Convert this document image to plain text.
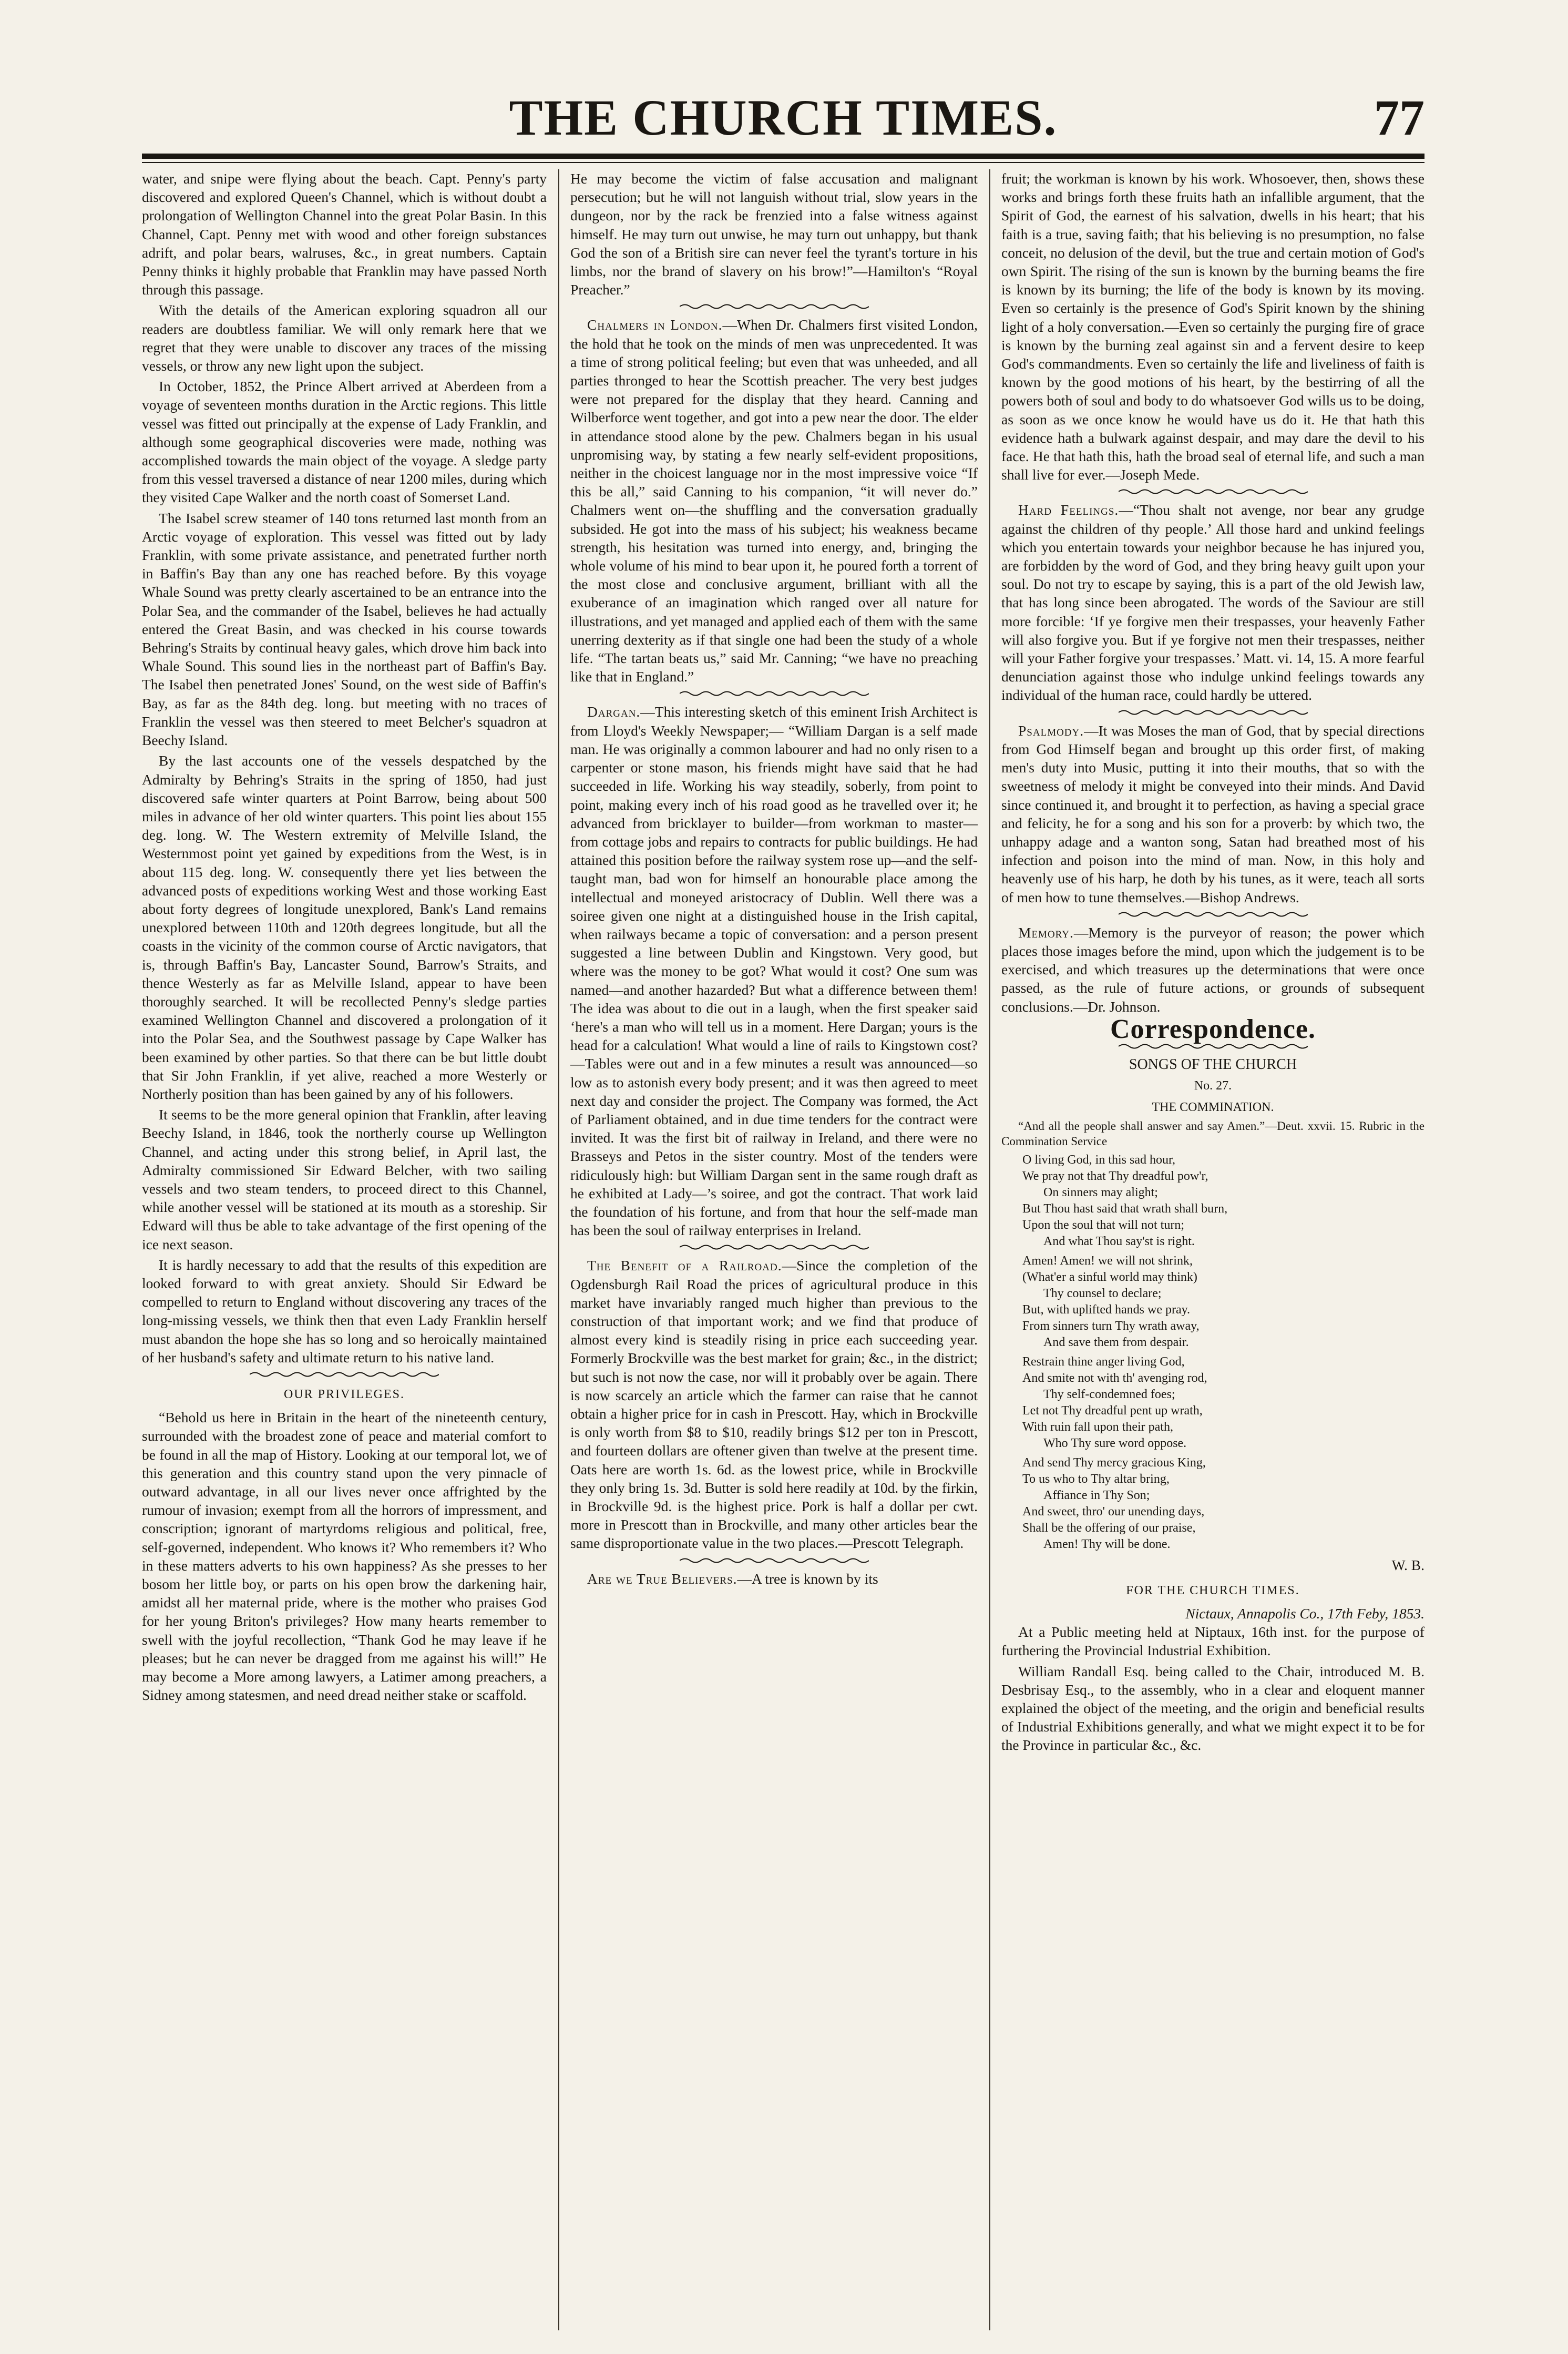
THE CHURCH TIMES.	77

water, and snipe were flying about the beach. Capt. Penny's party discovered and explored Queen's Channel, which is without doubt a prolongation of Wellington Channel into the great Polar Basin. In this Channel, Capt. Penny met with wood and other foreign substances adrift, and polar bears, walruses, &c., in great numbers. Captain Penny thinks it highly probable that Franklin may have passed North through this passage.

With the details of the American exploring squadron all our readers are doubtless familiar. We will only remark here that we regret that they were unable to discover any traces of the missing vessels, or throw any new light upon the subject.

In October, 1852, the Prince Albert arrived at Aberdeen from a voyage of seventeen months duration in the Arctic regions. This little vessel was fitted out principally at the expense of Lady Franklin, and although some geographical discoveries were made, nothing was accomplished towards the main object of the voyage. A sledge party from this vessel traversed a distance of near 1200 miles, during which they visited Cape Walker and the north coast of Somerset Land.

The Isabel screw steamer of 140 tons returned last month from an Arctic voyage of exploration. This vessel was fitted out by lady Franklin, with some private assistance, and penetrated further north in Baffin's Bay than any one has reached before. By this voyage Whale Sound was pretty clearly ascertained to be an entrance into the Polar Sea, and the commander of the Isabel, believes he had actually entered the Great Basin, and was checked in his course towards Behring's Straits by continual heavy gales, which drove him back into Whale Sound. This sound lies in the northeast part of Baffin's Bay. The Isabel then penetrated Jones' Sound, on the west side of Baffin's Bay, as far as the 84th deg. long. but meeting with no traces of Franklin the vessel was then steered to meet Belcher's squadron at Beechy Island.

By the last accounts one of the vessels despatched by the Admiralty by Behring's Straits in the spring of 1850, had just discovered safe winter quarters at Point Barrow, being about 500 miles in advance of her old winter quarters. This point lies about 155 deg. long. W. The Western extremity of Melville Island, the Westernmost point yet gained by expeditions from the West, is in about 115 deg. long. W. consequently there yet lies between the advanced posts of expeditions working West and those working East about forty degrees of longitude unexplored, Bank's Land remains unexplored between 110th and 120th degrees longitude, but all the coasts in the vicinity of the common course of Arctic navigators, that is, through Baffin's Bay, Lancaster Sound, Barrow's Straits, and thence Westerly as far as Melville Island, appear to have been thoroughly searched. It will be recollected Penny's sledge parties examined Wellington Channel and discovered a prolongation of it into the Polar Sea, and the Southwest passage by Cape Walker has been examined by other parties. So that there can be but little doubt that Sir John Franklin, if yet alive, reached a more Westerly or Northerly position than has been gained by any of his followers.

It seems to be the more general opinion that Franklin, after leaving Beechy Island, in 1846, took the northerly course up Wellington Channel, and acting under this strong belief, in April last, the Admiralty commissioned Sir Edward Belcher, with two sailing vessels and two steam tenders, to proceed direct to this Channel, while another vessel will be stationed at its mouth as a storeship. Sir Edward will thus be able to take advantage of the first opening of the ice next season.

It is hardly necessary to add that the results of this expedition are looked forward to with great anxiety. Should Sir Edward be compelled to return to England without discovering any traces of the long-missing vessels, we think then that even Lady Franklin herself must abandon the hope she has so long and so heroically maintained of her husband's safety and ultimate return to his native land.

OUR PRIVILEGES.

“Behold us here in Britain in the heart of the nineteenth century, surrounded with the broadest zone of peace and material comfort to be found in all the map of History. Looking at our temporal lot, we of this generation and this country stand upon the very pinnacle of outward advantage, in all our lives never once affrighted by the rumour of invasion; exempt from all the horrors of impressment, and conscription; ignorant of martyrdoms religious and political, free, self-governed, independent. Who knows it? Who remembers it? Who in these matters adverts to his own happiness? As she presses to her bosom her little boy, or parts on his open brow the darkening hair, amidst all her maternal pride, where is the mother who praises God for her young Briton's privileges? How many hearts remember to swell with the joyful recollection, “Thank God he may leave if he pleases; but he can never be dragged from me against his will!” He may become a More among lawyers, a Latimer among preachers, a Sidney among statesmen, and need dread neither stake or scaffold.

He may become the victim of false accusation and malignant persecution; but he will not languish without trial, slow years in the dungeon, nor by the rack be frenzied into a false witness against himself. He may turn out unwise, he may turn out unhappy, but thank God the son of a British sire can never feel the tyrant's torture in his limbs, nor the brand of slavery on his brow!”—Hamilton's “Royal Preacher.”

Chalmers in London.—When Dr. Chalmers first visited London, the hold that he took on the minds of men was unprecedented. It was a time of strong political feeling; but even that was unheeded, and all parties thronged to hear the Scottish preacher. The very best judges were not prepared for the display that they heard. Canning and Wilberforce went together, and got into a pew near the door. The elder in attendance stood alone by the pew. Chalmers began in his usual unpromising way, by stating a few nearly self-evident propositions, neither in the choicest language nor in the most impressive voice “If this be all,” said Canning to his companion, “it will never do.” Chalmers went on—the shuffling and the conversation gradually subsided. He got into the mass of his subject; his weakness became strength, his hesitation was turned into energy, and, bringing the whole volume of his mind to bear upon it, he poured forth a torrent of the most close and conclusive argument, brilliant with all the exuberance of an imagination which ranged over all nature for illustrations, and yet managed and applied each of them with the same unerring dexterity as if that single one had been the study of a whole life. “The tartan beats us,” said Mr. Canning; “we have no preaching like that in England.”

Dargan.—This interesting sketch of this eminent Irish Architect is from Lloyd's Weekly Newspaper;— “William Dargan is a self made man. He was originally a common labourer and had no only risen to a carpenter or stone mason, his friends might have said that he had succeeded in life. Working his way steadily, soberly, from point to point, making every inch of his road good as he travelled over it; he advanced from bricklayer to builder—from workman to master—from cottage jobs and repairs to contracts for public buildings. He had attained this position before the railway system rose up—and the self-taught man, bad won for himself an honourable place among the intellectual and moneyed aristocracy of Dublin. Well there was a soiree given one night at a distinguished house in the Irish capital, when railways became a topic of conversation: and a person present suggested a line between Dublin and Kingstown. Very good, but where was the money to be got? What would it cost? One sum was named—and another hazarded? But what a difference between them! The idea was about to die out in a laugh, when the first speaker said ‘here's a man who will tell us in a moment. Here Dargan; yours is the head for a calculation! What would a line of rails to Kingstown cost?—Tables were out and in a few minutes a result was announced—so low as to astonish every body present; and it was then agreed to meet next day and consider the project. The Company was formed, the Act of Parliament obtained, and in due time tenders for the contract were invited. It was the first bit of railway in Ireland, and there were no Brasseys and Petos in the sister country. Most of the tenders were ridiculously high: but William Dargan sent in the same rough draft as he exhibited at Lady—’s soiree, and got the contract. That work laid the foundation of his fortune, and from that hour the self-made man has been the soul of railway enterprises in Ireland.

The Benefit of a Railroad.—Since the completion of the Ogdensburgh Rail Road the prices of agricultural produce in this market have invariably ranged much higher than previous to the construction of that important work; and we find that produce of almost every kind is steadily rising in price each succeeding year. Formerly Brockville was the best market for grain; &c., in the district; but such is not now the case, nor will it probably over be again. There is now scarcely an article which the farmer can raise that he cannot obtain a higher price for in cash in Prescott. Hay, which in Brockville is only worth from $8 to $10, readily brings $12 per ton in Prescott, and fourteen dollars are oftener given than twelve at the present time. Oats here are worth 1s. 6d. as the lowest price, while in Brockville they only bring 1s. 3d. Butter is sold here readily at 10d. by the firkin, in Brockville 9d. is the highest price. Pork is half a dollar per cwt. more in Prescott than in Brockville, and many other articles bear the same disproportionate value in the two places.—Prescott Telegraph.

Are we True Believers.—A tree is known by its

fruit; the workman is known by his work. Whosoever, then, shows these works and brings forth these fruits hath an infallible argument, that the Spirit of God, the earnest of his salvation, dwells in his heart; that his faith is a true, saving faith; that his believing is no presumption, no false conceit, no delusion of the devil, but the true and certain motion of God's own Spirit. The rising of the sun is known by the burning beams the fire is known by its burning; the life of the body is known by its moving. Even so certainly is the presence of God's Spirit known by the shining light of a holy conversation.—Even so certainly the purging fire of grace is known by the burning zeal against sin and a fervent desire to keep God's commandments. Even so certainly the life and liveliness of faith is known by the good motions of his heart, by the bestirring of all the powers both of soul and body to do whatsoever God wills us to be doing, as soon as we once know he would have us do it. He that hath this evidence hath a bulwark against despair, and may dare the devil to his face. He that hath this, hath the broad seal of eternal life, and such a man shall live for ever.—Joseph Mede.

Hard Feelings.—“Thou shalt not avenge, nor bear any grudge against the children of thy people.’ All those hard and unkind feelings which you entertain towards your neighbor because he has injured you, are forbidden by the word of God, and they bring heavy guilt upon your soul. Do not try to escape by saying, this is a part of the old Jewish law, that has long since been abrogated. The words of the Saviour are still more forcible: ‘If ye forgive men their trespasses, your heavenly Father will also forgive you. But if ye forgive not men their trespasses, neither will your Father forgive your trespasses.’ Matt. vi. 14, 15. A more fearful denunciation against those who indulge unkind feelings towards any individual of the human race, could hardly be uttered.

Psalmody.—It was Moses the man of God, that by special directions from God Himself began and brought up this order first, of making men's duty into Music, putting it into their mouths, that so with the sweetness of melody it might be conveyed into their minds. And David since continued it, and brought it to perfection, as having a special grace and felicity, he for a song and his son for a proverb: by which two, the unhappy adage and a wanton song, Satan had breathed most of his infection and poison into the mind of man. Now, in this holy and heavenly use of his harp, he doth by his tunes, as it were, teach all sorts of men how to tune themselves.—Bishop Andrews.

Memory.—Memory is the purveyor of reason; the power which places those images before the mind, upon which the judgement is to be exercised, and which treasures up the determinations that were once passed, as the rule of future actions, or grounds of subsequent conclusions.—Dr. Johnson.

Correspondence.
SONGS OF THE CHURCH
No. 27.
THE COMMINATION.

“And all the people shall answer and say Amen.”—Deut. xxvii. 15. Rubric in the Commination Service

O living God, in this sad hour,
We pray not that Thy dreadful pow'r,
On sinners may alight;
But Thou hast said that wrath shall burn,
Upon the soul that will not turn;
And what Thou say'st is right.
Amen! Amen! we will not shrink,
(What'er a sinful world may think)
Thy counsel to declare;
But, with uplifted hands we pray.
From sinners turn Thy wrath away,
And save them from despair.
Restrain thine anger living God,
And smite not with th' avenging rod,
Thy self-condemned foes;
Let not Thy dreadful pent up wrath,
With ruin fall upon their path,
Who Thy sure word oppose.
And send Thy mercy gracious King,
To us who to Thy altar bring,
Affiance in Thy Son;
And sweet, thro' our unending days,
Shall be the offering of our praise,
Amen! Thy will be done.
W. B.
FOR THE CHURCH TIMES.
Nictaux, Annapolis Co., 17th Feby, 1853.

At a Public meeting held at Niptaux, 16th inst. for the purpose of furthering the Provincial Industrial Exhibition.

William Randall Esq. being called to the Chair, introduced M. B. Desbrisay Esq., to the assembly, who in a clear and eloquent manner explained the object of the meeting, and the origin and beneficial results of Industrial Exhibitions generally, and what we might expect it to be for the Province in particular &c., &c.
